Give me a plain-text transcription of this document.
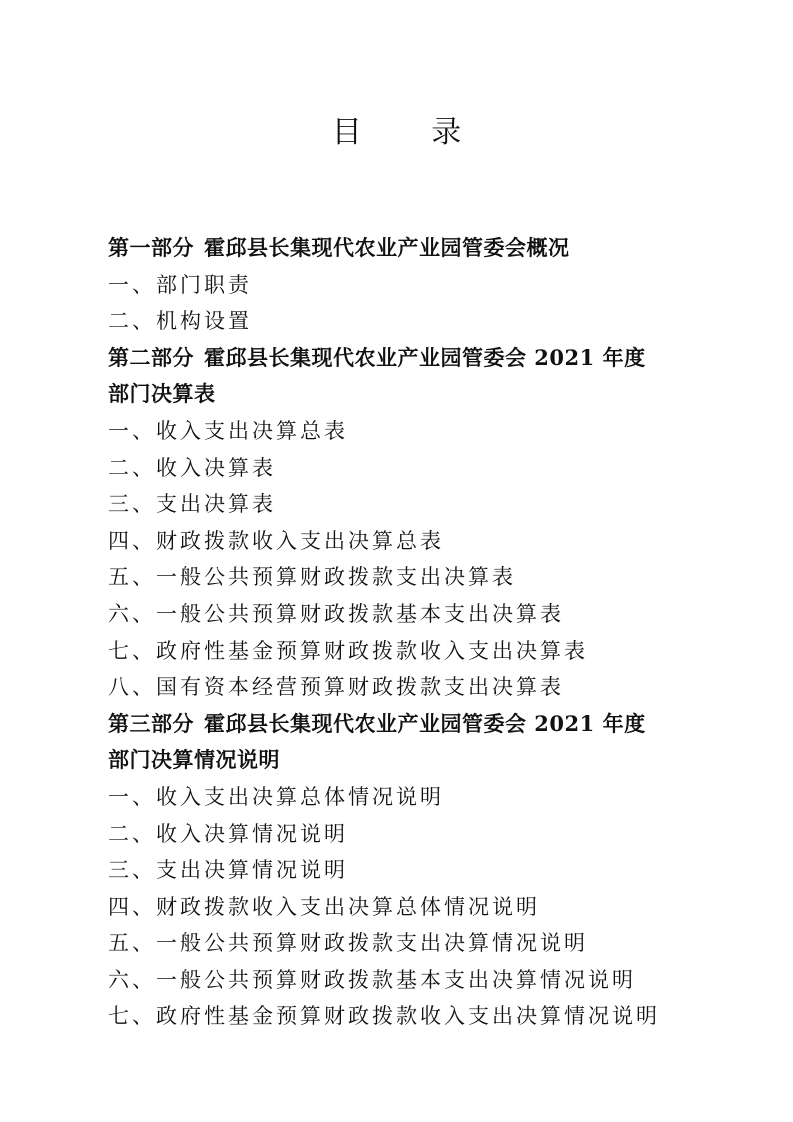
目 录
第一部分 霍邱县长集现代农业产业园管委会概况
一、部门职责
二、机构设置
第二部分 霍邱县长集现代农业产业园管委会 2021 年度
部门决算表
一、收入支出决算总表
二、收入决算表
三、支出决算表
四、财政拨款收入支出决算总表
五、一般公共预算财政拨款支出决算表
六、一般公共预算财政拨款基本支出决算表
七、政府性基金预算财政拨款收入支出决算表
八、国有资本经营预算财政拨款支出决算表
第三部分 霍邱县长集现代农业产业园管委会 2021 年度
部门决算情况说明
一、收入支出决算总体情况说明
二、收入决算情况说明
三、支出决算情况说明
四、财政拨款收入支出决算总体情况说明
五、一般公共预算财政拨款支出决算情况说明
六、一般公共预算财政拨款基本支出决算情况说明
七、政府性基金预算财政拨款收入支出决算情况说明
